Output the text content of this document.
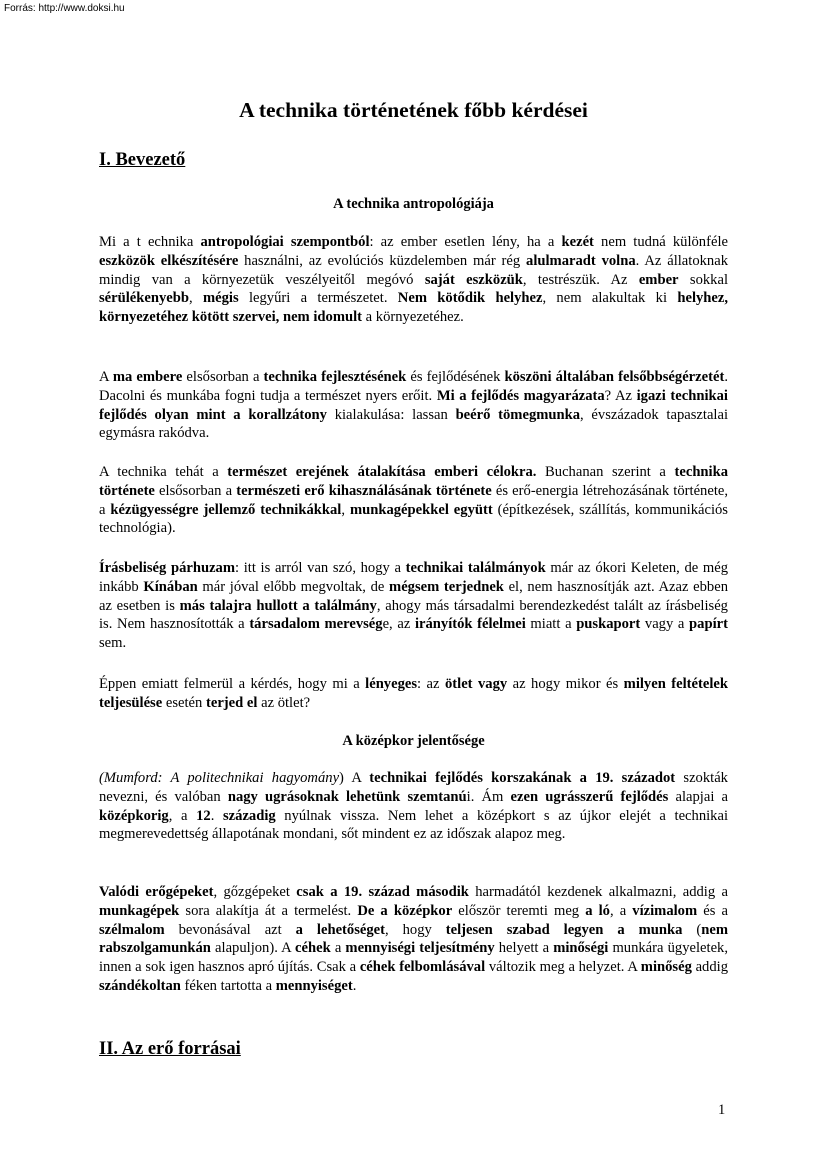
Forrás: http://www.doksi.hu
A technika történetének főbb kérdései
I. Bevezető
A technika antropológiája

Mi a t echnika antropológiai szempontból: az ember esetlen lény, ha a kezét nem tudná különféle eszközök elkészítésére használni, az evolúciós küzdelemben már rég alulmaradt volna. Az állatoknak mindig van a környezetük veszélyeitől megóvó saját eszközük, testrészük. Az ember sokkal sérülékenyebb, mégis legyűri a természetet. Nem kötődik helyhez, nem alakultak ki helyhez, környezetéhez kötött szervei, nem idomult a környezetéhez.

A ma embere elsősorban a technika fejlesztésének és fejlődésének köszöni általában felsőbbségérzetét. Dacolni és munkába fogni tudja a természet nyers erőit. Mi a fejlődés magyarázata? Az igazi technikai fejlődés olyan mint a korallzátony kialakulása: lassan beérő tömegmunka, évszázadok tapasztalai egymásra rakódva.

A technika tehát a természet erejének átalakítása emberi célokra. Buchanan szerint a technika története elsősorban a természeti erő kihasználásának története és erő-energia létrehozásának története, a kézügyességre jellemző technikákkal, munkagépekkel együtt (építkezések, szállítás, kommunikációs technológia).

Írásbeliség párhuzam: itt is arról van szó, hogy a technikai találmányok már az ókori Keleten, de még inkább Kínában már jóval előbb megvoltak, de mégsem terjednek el, nem hasznosítják azt. Azaz ebben az esetben is más talajra hullott a találmány, ahogy más társadalmi berendezkedést talált az írásbeliség is. Nem hasznosították a társadalom merevsége, az irányítók félelmei miatt a puskaport vagy a papírt sem.

Éppen emiatt felmerül a kérdés, hogy mi a lényeges: az ötlet vagy az hogy mikor és milyen feltételek teljesülése esetén terjed el az ötlet?

A középkor jelentősége

(Mumford: A politechnikai hagyomány) A technikai fejlődés korszakának a 19. századot szokták nevezni, és valóban nagy ugrásoknak lehetünk szemtanúi. Ám ezen ugrásszerű fejlődés alapjai a középkorig, a 12. századig nyúlnak vissza. Nem lehet a középkort s az újkor elejét a technikai megmerevedettség állapotának mondani, sőt mindent ez az időszak alapoz meg.

Valódi erőgépeket, gőzgépeket csak a 19. század második harmadától kezdenek alkalmazni, addig a munkagépek sora alakítja át a termelést. De a középkor először teremti meg a ló, a vízimalom és a szélmalom bevonásával azt a lehetőséget, hogy teljesen szabad legyen a munka (nem rabszolgamunkán alapuljon). A céhek a mennyiségi teljesítmény helyett a minőségi munkára ügyeletek, innen a sok igen hasznos apró újítás. Csak a céhek felbomlásával változik meg a helyzet. A minőség addig szándékoltan féken tartotta a mennyiséget.

II. Az erő forrásai
1
